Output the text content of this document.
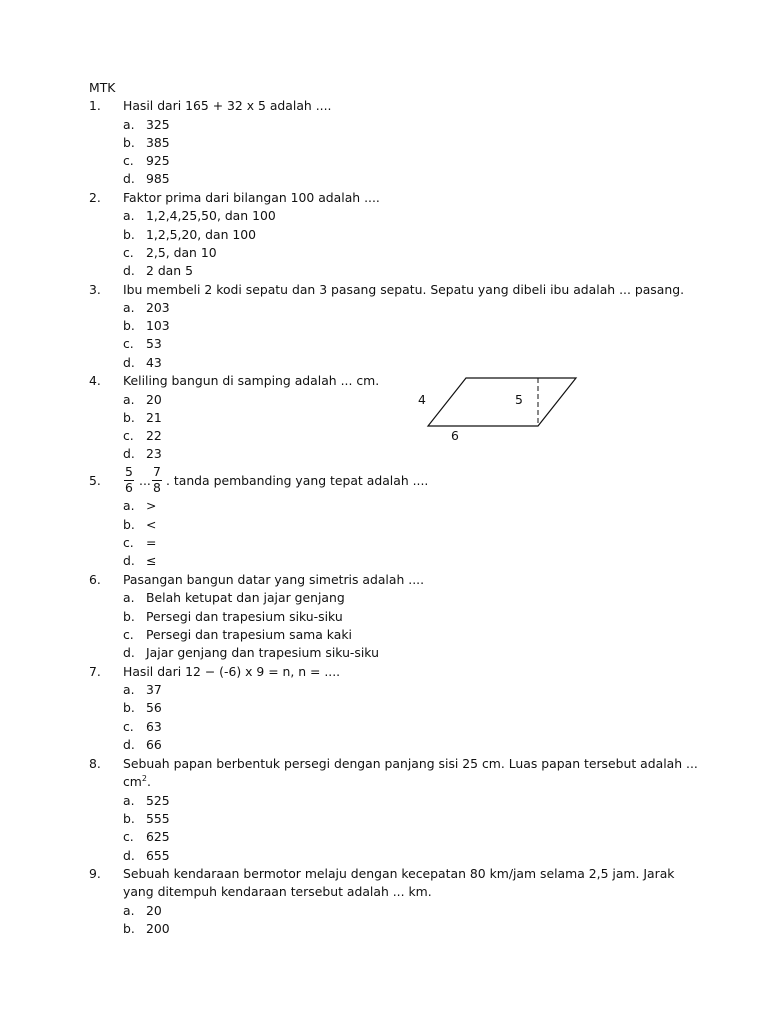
MTK
1. Hasil dari 165 + 32 x 5 adalah ....
a. 325
b. 385
c. 925
d. 985
2. Faktor prima dari bilangan 100 adalah ....
a. 1,2,4,25,50, dan 100
b. 1,2,5,20, dan 100
c. 2,5, dan 10
d. 2 dan 5
3. Ibu membeli 2 kodi sepatu dan 3 pasang sepatu. Sepatu yang dibeli ibu adalah ... pasang.
a. 203
b. 103
c. 53
d. 43
4. Keliling bangun di samping adalah ... cm.
a. 20
b. 21
c. 22
d. 23
4	5
6
5.
5
6 ...
7
8 . tanda pembanding yang tepat adalah ....
a. >
b. <
c. =
d. ≤
6. Pasangan bangun datar yang simetris adalah ....
a. Belah ketupat dan jajar genjang
b. Persegi dan trapesium siku-siku
c. Persegi dan trapesium sama kaki
d. Jajar genjang dan trapesium siku-siku
7. Hasil dari 12 − (-6) x 9 = n, n = ....
a. 37
b. 56
c. 63
d. 66
8. Sebuah papan berbentuk persegi dengan panjang sisi 25 cm. Luas papan tersebut adalah ...
$cm^2$.
a. 525
b. 555
c. 625
d. 655
9. Sebuah kendaraan bermotor melaju dengan kecepatan 80 km/jam selama 2,5 jam. Jarak
yang ditempuh kendaraan tersebut adalah ... km.
a. 20
b. 200
